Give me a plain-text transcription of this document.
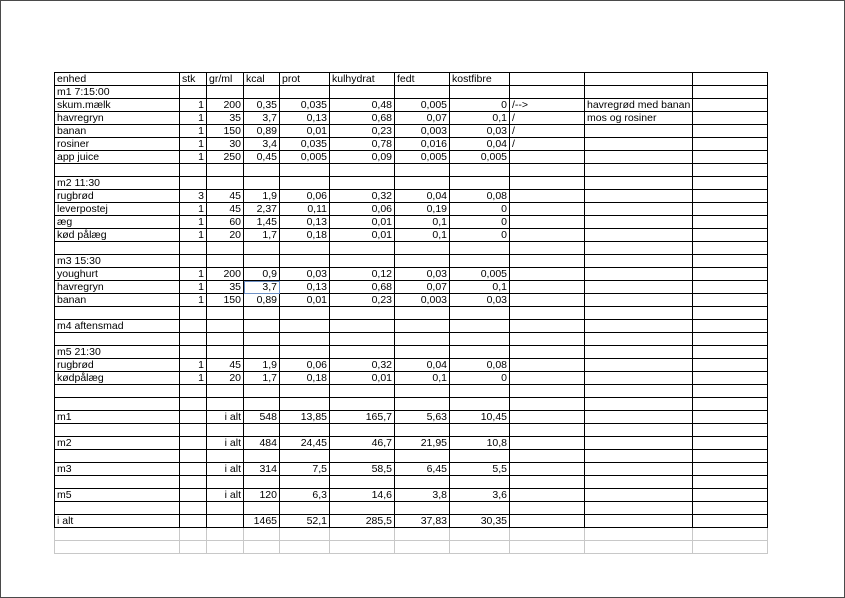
enhed	stk	gr/ml	kcal	prot	kulhydrat	fedt	kostfibre			
m1 7:15:00										
skum.mælk	1	200	0,35	0,035	0,48	0,005	0	/-->	havregrød med banan	
havregryn	1	35	3,7	0,13	0,68	0,07	0,1	/	mos og rosiner	
banan	1	150	0,89	0,01	0,23	0,003	0,03	/		
rosiner	1	30	3,4	0,035	0,78	0,016	0,04	/		
app juice	1	250	0,45	0,005	0,09	0,005	0,005			

m2 11:30										
rugbrød	3	45	1,9	0,06	0,32	0,04	0,08			
leverpostej	1	45	2,37	0,11	0,06	0,19	0			
æg	1	60	1,45	0,13	0,01	0,1	0			
kød pålæg	1	20	1,7	0,18	0,01	0,1	0			

m3 15:30										
youghurt	1	200	0,9	0,03	0,12	0,03	0,005			
havregryn	1	35	3,7	0,13	0,68	0,07	0,1			
banan	1	150	0,89	0,01	0,23	0,003	0,03			

m4 aftensmad										

m5 21:30										
rugbrød	1	45	1,9	0,06	0,32	0,04	0,08			
kødpålæg	1	20	1,7	0,18	0,01	0,1	0			

m1		i alt	548	13,85	165,7	5,63	10,45			

m2		i alt	484	24,45	46,7	21,95	10,8			

m3		i alt	314	7,5	58,5	6,45	5,5			

m5		i alt	120	6,3	14,6	3,8	3,6			

i alt			1465	52,1	285,5	37,83	30,35			
